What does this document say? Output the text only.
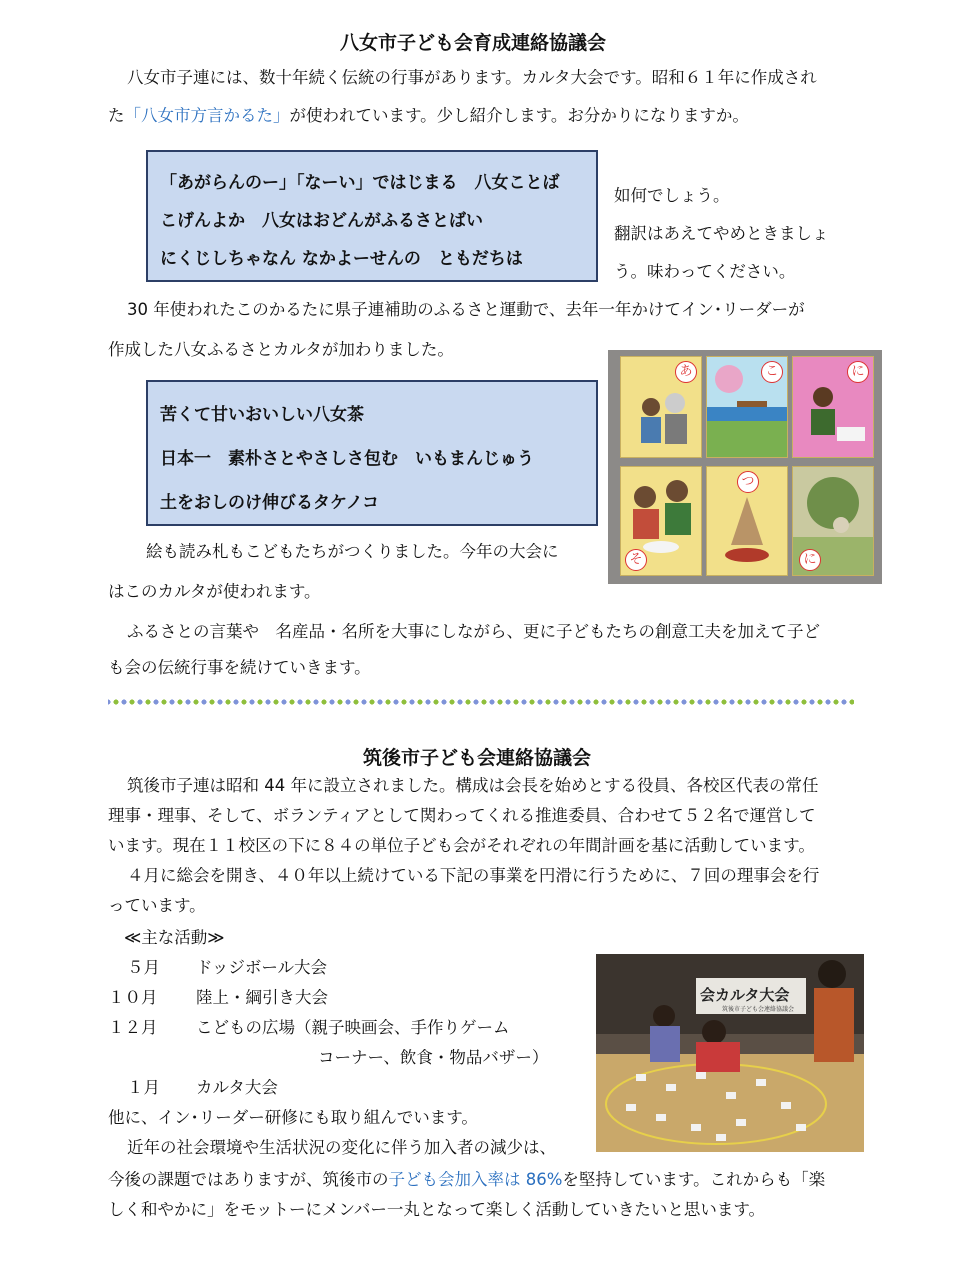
八女市子ども会育成連絡協議会
八女市子連には、数十年続く伝統の行事があります。カルタ大会です。昭和６１年に作成され
た「八女市方言かるた」が使われています。少し紹介します。お分かりになりますか。
「あがらんのー」「なーい」ではじまる　八女ことば
こげんよか　八女はおどんがふるさとばい
にくじしちゃなん なかよーせんの　ともだちは
如何でしょう。
翻訳はあえてやめときましょ
う。味わってください。
30 年使われたこのかるたに県子連補助のふるさと運動で、去年一年かけてイン･リーダーが
作成した八女ふるさとカルタが加わりました。
苦くて甘いおいしい八女茶
日本一　素朴さとやさしさ包む　いもまんじゅう
土をおしのけ伸びるタケノコ
あ	こ	に
そ
つ
に
絵も読み札もこどもたちがつくりました。今年の大会に
はこのカルタが使われます。
ふるさとの言葉や　名産品・名所を大事にしながら、更に子どもたちの創意工夫を加えて子ど
も会の伝統行事を続けていきます。
筑後市子ども会連絡協議会
筑後市子連は昭和 44 年に設立されました。構成は会長を始めとする役員、各校区代表の常任
理事・理事、そして、ボランティアとして関わってくれる推進委員、合わせて５２名で運営して
います。現在１１校区の下に８４の単位子ども会がそれぞれの年間計画を基に活動しています。
４月に総会を開き、４０年以上続けている下記の事業を円滑に行うために、７回の理事会を行
っています。
≪主な活動≫
５月 ドッジボール大会
１０月 陸上・綱引き大会
１２月 こどもの広場（親子映画会、手作りゲーム
コーナー、飲食・物品バザー）
１月 カルタ大会
他に、イン･リーダー研修にも取り組んでいます。
近年の社会環境や生活状況の変化に伴う加入者の減少は、
今後の課題ではありますが、筑後市の子ども会加入率は 86%を堅持しています。これからも「楽
しく和やかに」をモットーにメンバー一丸となって楽しく活動していきたいと思います。
会カルタ大会
筑後市子ども会連絡協議会
